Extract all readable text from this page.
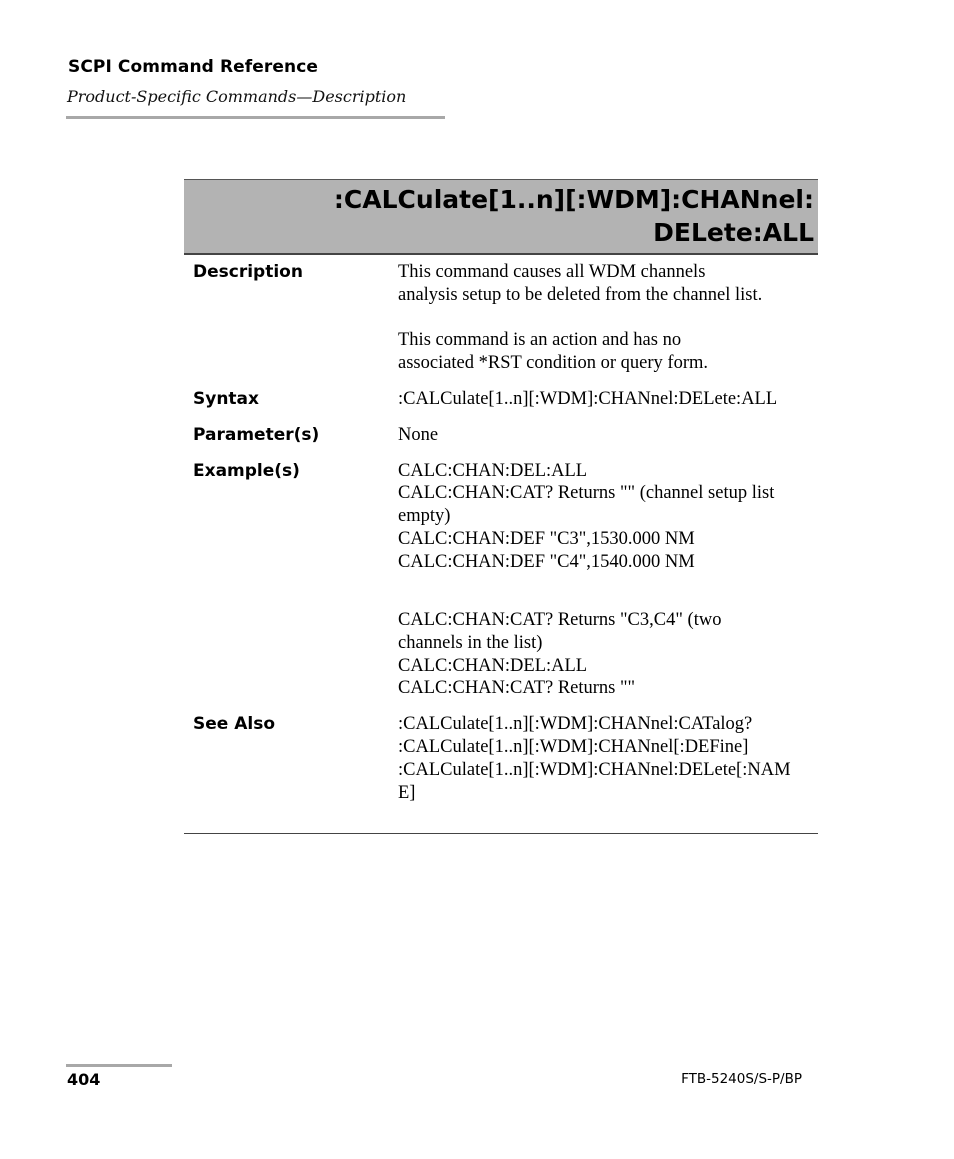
SCPI Command Reference
Product-Specific Commands—Description
:CALCulate[1..n][:WDM]:CHANnel:
DELete:ALL
Description	This command causes all WDM channels
analysis setup to be deleted from the channel list.
This command is an action and has no
associated *RST condition or query form.
Syntax	:CALCulate[1..n][:WDM]:CHANnel:DELete:ALL
Parameter(s)	None
Example(s)	CALC:CHAN:DEL:ALL
CALC:CHAN:CAT? Returns "" (channel setup list
empty)
CALC:CHAN:DEF "C3",1530.000 NM
CALC:CHAN:DEF "C4",1540.000 NM
CALC:CHAN:CAT? Returns "C3,C4" (two
channels in the list)
CALC:CHAN:DEL:ALL
CALC:CHAN:CAT? Returns ""
See Also	:CALCulate[1..n][:WDM]:CHANnel:CATalog?
:CALCulate[1..n][:WDM]:CHANnel[:DEFine]
:CALCulate[1..n][:WDM]:CHANnel:DELete[:NAM
E]
404	FTB-5240S/S-P/BP
